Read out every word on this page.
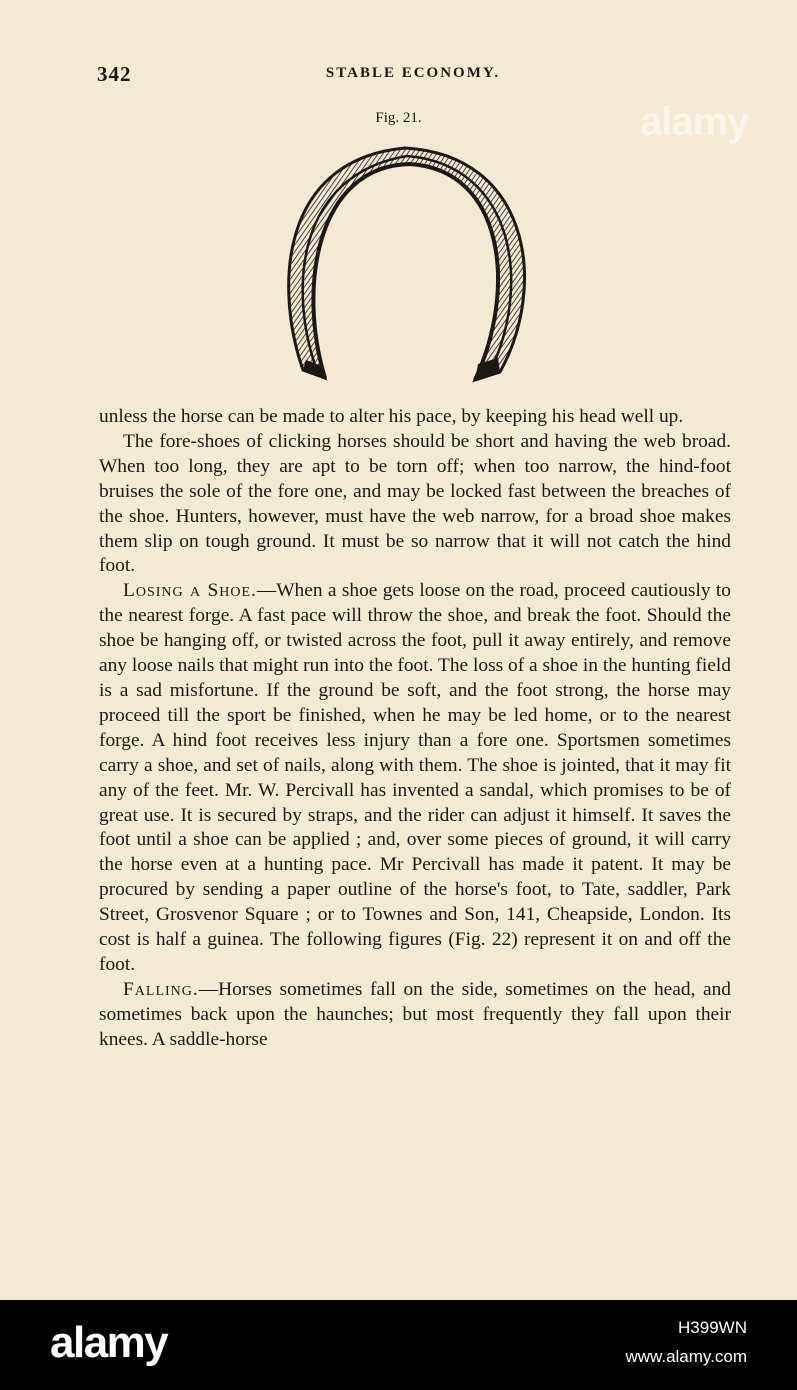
342	STABLE ECONOMY.
Fig. 21.

unless the horse can be made to alter his pace, by keeping his head well up.

The fore-shoes of clicking horses should be short and having the web broad. When too long, they are apt to be torn off; when too narrow, the hind-foot bruises the sole of the fore one, and may be locked fast between the breaches of the shoe. Hunters, however, must have the web narrow, for a broad shoe makes them slip on tough ground. It must be so narrow that it will not catch the hind foot.

Losing a Shoe.—When a shoe gets loose on the road, proceed cautiously to the nearest forge. A fast pace will throw the shoe, and break the foot. Should the shoe be hanging off, or twisted across the foot, pull it away entirely, and remove any loose nails that might run into the foot. The loss of a shoe in the hunting field is a sad misfortune. If the ground be soft, and the foot strong, the horse may proceed till the sport be finished, when he may be led home, or to the nearest forge. A hind foot receives less injury than a fore one. Sportsmen sometimes carry a shoe, and set of nails, along with them. The shoe is jointed, that it may fit any of the feet. Mr. W. Percivall has invented a sandal, which promises to be of great use. It is secured by straps, and the rider can adjust it himself. It saves the foot until a shoe can be applied ; and, over some pieces of ground, it will carry the horse even at a hunting pace. Mr Percivall has made it patent. It may be procured by sending a paper outline of the horse's foot, to Tate, saddler, Park Street, Grosvenor Square ; or to Townes and Son, 141, Cheapside, London. Its cost is half a guinea. The following figures (Fig. 22) represent it on and off the foot.

Falling.—Horses sometimes fall on the side, sometimes on the head, and sometimes back upon the haunches; but most frequently they fall upon their knees. A saddle-horse

alamy
alamy	H399WN
www.alamy.com
